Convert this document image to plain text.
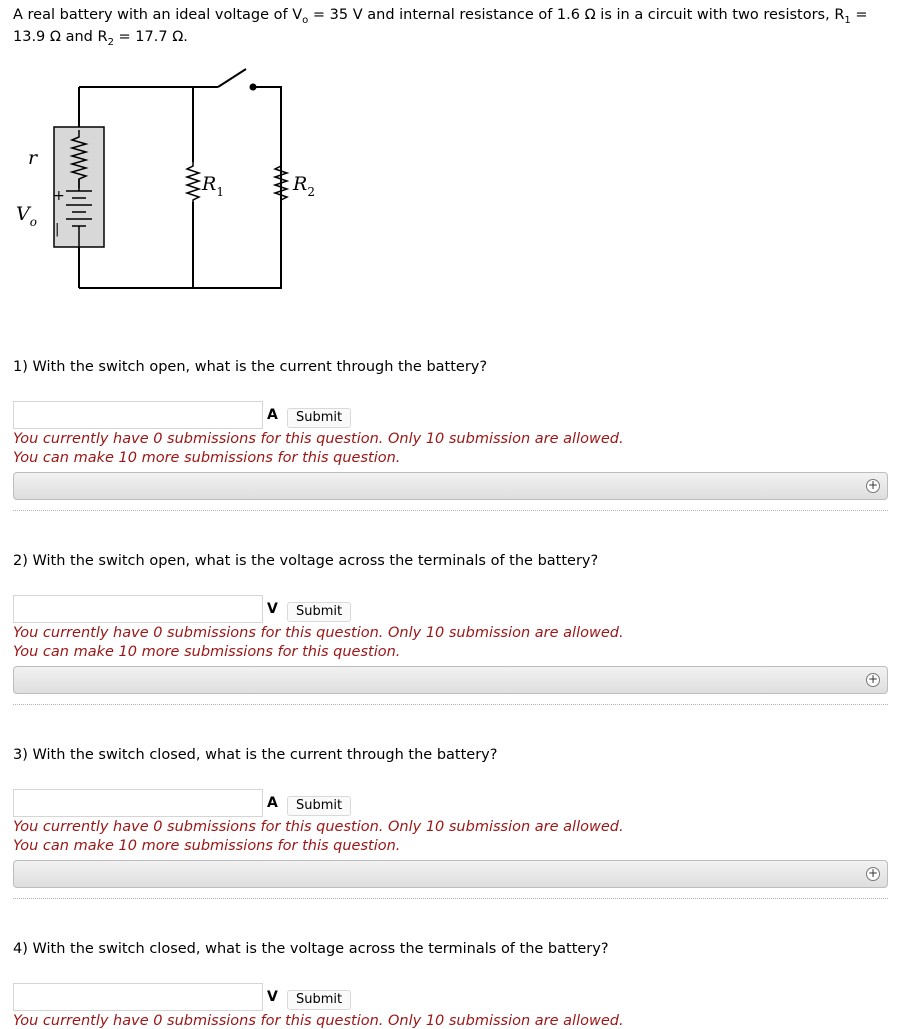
A real battery with an ideal voltage of $V_o = 35$ V and internal resistance of 1.6 Ω is in a circuit with two resistors, $R_1 = 13.9$ Ω and $R_2 = 17.7$ Ω.
r
$V_o$
$R_1$	$R_2$
+
|
1) With the switch open, what is the current through the battery?
A	Submit
You currently have 0 submissions for this question. Only 10 submission are allowed.
You can make 10 more submissions for this question.
+
2) With the switch open, what is the voltage across the terminals of the battery?
V	Submit
You currently have 0 submissions for this question. Only 10 submission are allowed.
You can make 10 more submissions for this question.
+
3) With the switch closed, what is the current through the battery?
A	Submit
You currently have 0 submissions for this question. Only 10 submission are allowed.
You can make 10 more submissions for this question.
+
4) With the switch closed, what is the voltage across the terminals of the battery?
V	Submit
You currently have 0 submissions for this question. Only 10 submission are allowed.
